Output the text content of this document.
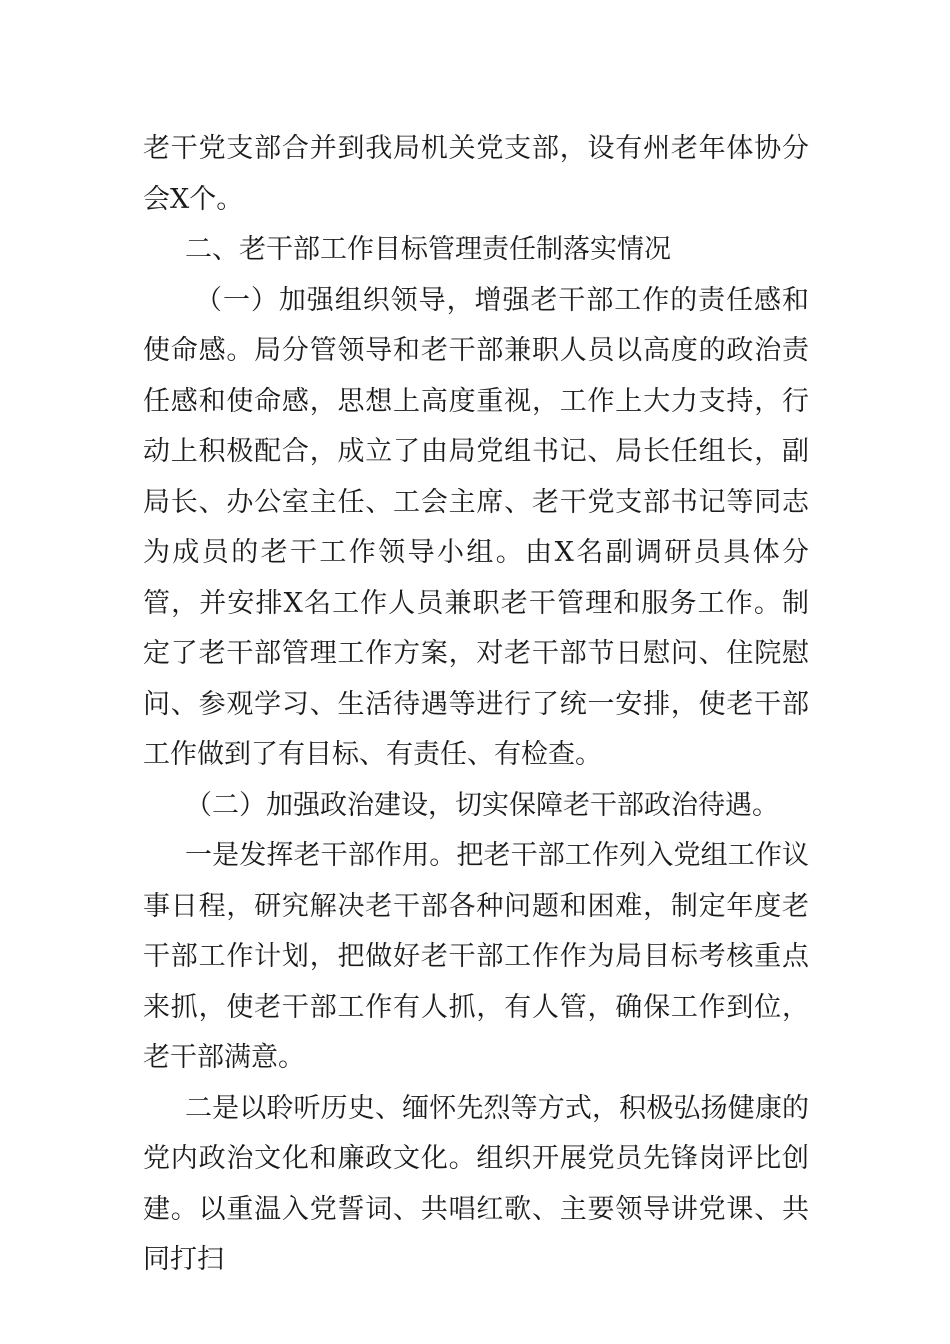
老干党支部合并到我局机关党支部，设有州老年体协分会X个。

二、老干部工作目标管理责任制落实情况

（一）加强组织领导，增强老干部工作的责任感和使命感。局分管领导和老干部兼职人员以高度的政治责任感和使命感，思想上高度重视，工作上大力支持，行动上积极配合，成立了由局党组书记、局长任组长，副局长、办公室主任、工会主席、老干党支部书记等同志为成员的老干工作领导小组。由X名副调研员具体分管，并安排X名工作人员兼职老干管理和服务工作。制定了老干部管理工作方案，对老干部节日慰问、住院慰问、参观学习、生活待遇等进行了统一安排，使老干部工作做到了有目标、有责任、有检查。

（二）加强政治建设，切实保障老干部政治待遇。

一是发挥老干部作用。把老干部工作列入党组工作议事日程，研究解决老干部各种问题和困难，制定年度老干部工作计划，把做好老干部工作作为局目标考核重点来抓，使老干部工作有人抓，有人管，确保工作到位，老干部满意。

二是以聆听历史、缅怀先烈等方式，积极弘扬健康的党内政治文化和廉政文化。组织开展党员先锋岗评比创建。以重温入党誓词、共唱红歌、主要领导讲党课、共同打扫
